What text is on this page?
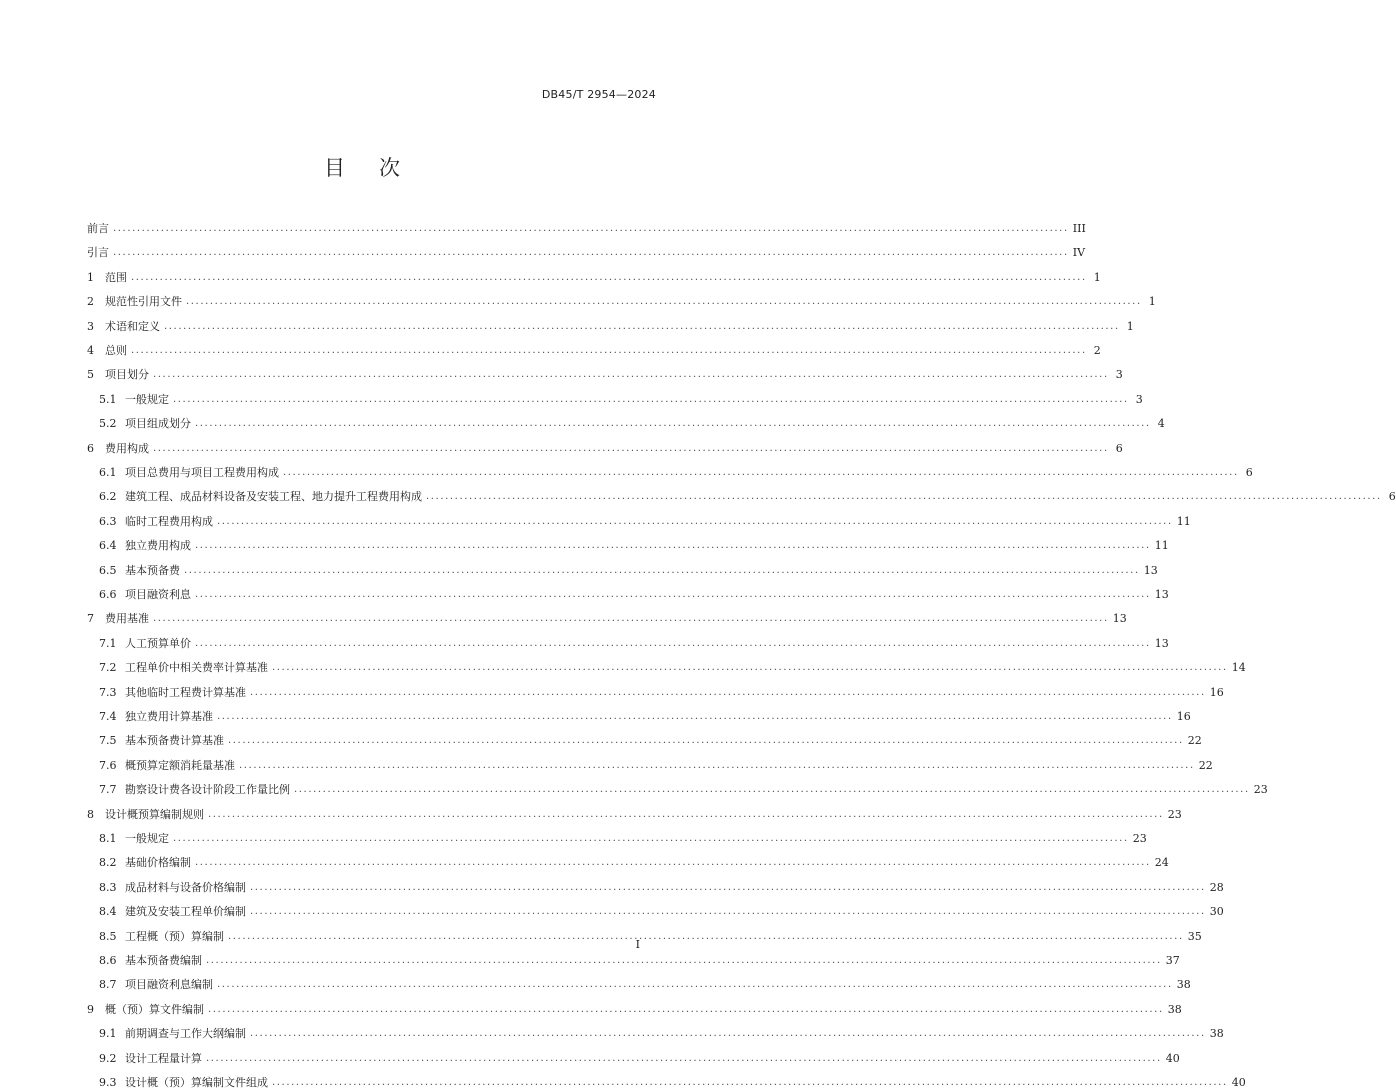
DB45/T 2954—2024
目 次
前言 ........................................................................................................................................................................................................ III
引言 ........................................................................................................................................................................................................ IV
1	范围 ........................................................................................................................................................................................................ 1
2	规范性引用文件 ........................................................................................................................................................................................................ 1
3	术语和定义 ........................................................................................................................................................................................................ 1
4	总则 ........................................................................................................................................................................................................ 2
5	项目划分 ........................................................................................................................................................................................................ 3
5.1 一般规定 ........................................................................................................................................................................................................ 3
5.2 项目组成划分 ........................................................................................................................................................................................................ 4
6	费用构成 ........................................................................................................................................................................................................ 6
6.1 项目总费用与项目工程费用构成 ........................................................................................................................................................................................................ 6
6.2 建筑工程、成品材料设备及安装工程、地力提升工程费用构成 ........................................................................................................................................................................................................ 6
6.3 临时工程费用构成 ........................................................................................................................................................................................................ 11
6.4 独立费用构成 ........................................................................................................................................................................................................ 11
6.5 基本预备费 ........................................................................................................................................................................................................ 13
6.6 项目融资利息 ........................................................................................................................................................................................................ 13
7	费用基准 ........................................................................................................................................................................................................ 13
7.1 人工预算单价 ........................................................................................................................................................................................................ 13
7.2 工程单价中相关费率计算基准 ........................................................................................................................................................................................................ 14
7.3 其他临时工程费计算基准 ........................................................................................................................................................................................................ 16
7.4 独立费用计算基准 ........................................................................................................................................................................................................ 16
7.5 基本预备费计算基准 ........................................................................................................................................................................................................ 22
7.6 概预算定额消耗量基准 ........................................................................................................................................................................................................ 22
7.7 勘察设计费各设计阶段工作量比例 ........................................................................................................................................................................................................ 23
8	设计概预算编制规则 ........................................................................................................................................................................................................ 23
8.1 一般规定 ........................................................................................................................................................................................................ 23
8.2 基础价格编制 ........................................................................................................................................................................................................ 24
8.3 成品材料与设备价格编制 ........................................................................................................................................................................................................ 28
8.4 建筑及安装工程单价编制 ........................................................................................................................................................................................................ 30
8.5 工程概（预）算编制 ........................................................................................................................................................................................................ 35
8.6 基本预备费编制 ........................................................................................................................................................................................................ 37
8.7 项目融资利息编制 ........................................................................................................................................................................................................ 38
9	概（预）算文件编制 ........................................................................................................................................................................................................ 38
9.1 前期调查与工作大纲编制 ........................................................................................................................................................................................................ 38
9.2 设计工程量计算 ........................................................................................................................................................................................................ 40
9.3 设计概（预）算编制文件组成 ........................................................................................................................................................................................................ 40
I
